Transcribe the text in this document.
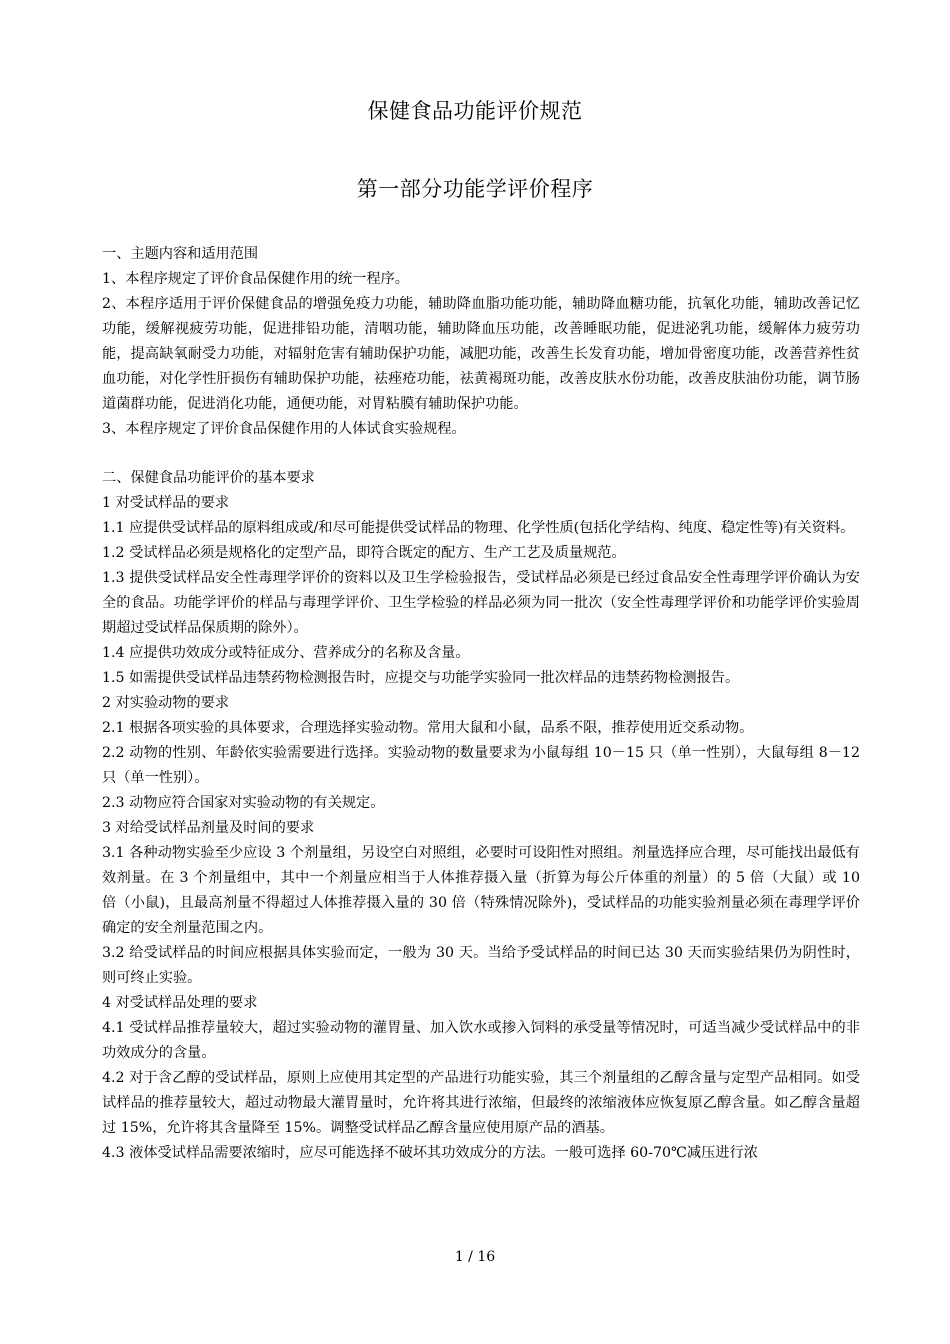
保健食品功能评价规范
第一部分功能学评价程序

一、主题内容和适用范围

1、本程序规定了评价食品保健作用的统一程序。

2、本程序适用于评价保健食品的增强免疫力功能，辅助降血脂功能功能，辅助降血糖功能，抗氧化功能，辅助改善记忆功能，缓解视疲劳功能，促进排铅功能，清咽功能，辅助降血压功能，改善睡眠功能，促进泌乳功能，缓解体力疲劳功能，提高缺氧耐受力功能，对辐射危害有辅助保护功能，减肥功能，改善生长发育功能，增加骨密度功能，改善营养性贫血功能，对化学性肝损伤有辅助保护功能，祛痤疮功能，祛黄褐斑功能，改善皮肤水份功能，改善皮肤油份功能，调节肠道菌群功能，促进消化功能，通便功能，对胃粘膜有辅助保护功能。

3、本程序规定了评价食品保健作用的人体试食实验规程。

二、保健食品功能评价的基本要求

1 对受试样品的要求

1.1 应提供受试样品的原料组成或/和尽可能提供受试样品的物理、化学性质(包括化学结构、纯度、稳定性等)有关资料。

1.2 受试样品必须是规格化的定型产品，即符合既定的配方、生产工艺及质量规范。

1.3 提供受试样品安全性毒理学评价的资料以及卫生学检验报告，受试样品必须是已经过食品安全性毒理学评价确认为安全的食品。功能学评价的样品与毒理学评价、卫生学检验的样品必须为同一批次（安全性毒理学评价和功能学评价实验周期超过受试样品保质期的除外）。

1.4 应提供功效成分或特征成分、营养成分的名称及含量。

1.5 如需提供受试样品违禁药物检测报告时，应提交与功能学实验同一批次样品的违禁药物检测报告。

2 对实验动物的要求

2.1 根据各项实验的具体要求，合理选择实验动物。常用大鼠和小鼠，品系不限，推荐使用近交系动物。

2.2 动物的性别、年龄依实验需要进行选择。实验动物的数量要求为小鼠每组 10－15 只（单一性别），大鼠每组 8－12 只（单一性别）。

2.3 动物应符合国家对实验动物的有关规定。

3 对给受试样品剂量及时间的要求

3.1 各种动物实验至少应设 3 个剂量组，另设空白对照组，必要时可设阳性对照组。剂量选择应合理，尽可能找出最低有效剂量。在 3 个剂量组中，其中一个剂量应相当于人体推荐摄入量（折算为每公斤体重的剂量）的 5 倍（大鼠）或 10 倍（小鼠)，且最高剂量不得超过人体推荐摄入量的 30 倍（特殊情况除外)，受试样品的功能实验剂量必须在毒理学评价确定的安全剂量范围之内。

3.2 给受试样品的时间应根据具体实验而定，一般为 30 天。当给予受试样品的时间已达 30 天而实验结果仍为阴性时，则可终止实验。

4 对受试样品处理的要求

4.1 受试样品推荐量较大，超过实验动物的灌胃量、加入饮水或掺入饲料的承受量等情况时，可适当减少受试样品中的非功效成分的含量。

4.2 对于含乙醇的受试样品，原则上应使用其定型的产品进行功能实验，其三个剂量组的乙醇含量与定型产品相同。如受试样品的推荐量较大，超过动物最大灌胃量时，允许将其进行浓缩，但最终的浓缩液体应恢复原乙醇含量。如乙醇含量超过 15%，允许将其含量降至 15%。调整受试样品乙醇含量应使用原产品的酒基。

4.3 液体受试样品需要浓缩时，应尽可能选择不破坏其功效成分的方法。一般可选择 60-70℃减压进行浓

1 / 16
